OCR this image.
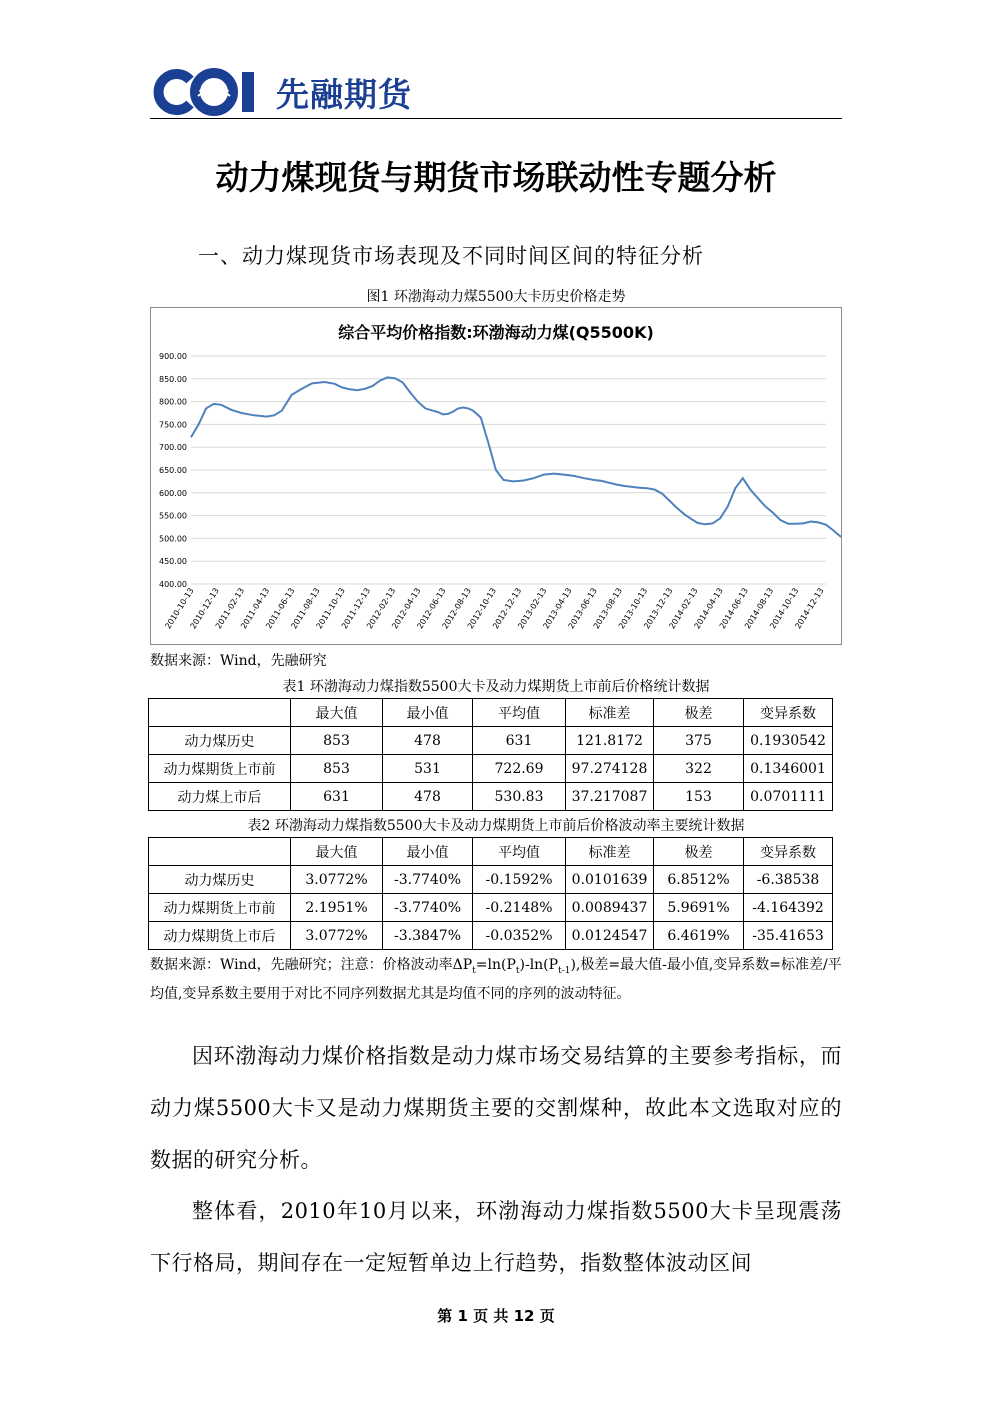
先融期货
动力煤现货与期货市场联动性专题分析
一、动力煤现货市场表现及不同时间区间的特征分析
图1 环渤海动力煤5500大卡历史价格走势
综合平均价格指数:环渤海动力煤(Q5500K)
900.00
850.00
800.00
750.00
700.00
650.00
600.00
550.00
500.00
450.00
400.00
2010-10-13
2010-12-13
2011-02-13
2011-04-13
2011-06-13
2011-08-13
2011-10-13
2011-12-13
2012-02-13
2012-04-13
2012-06-13
2012-08-13
2012-10-13
2012-12-13
2013-02-13
2013-04-13
2013-06-13
2013-08-13
2013-10-13
2013-12-13
2014-02-13
2014-04-13
2014-06-13
2014-08-13
2014-10-13
2014-12-13
数据来源：Wind，先融研究
表1 环渤海动力煤指数5500大卡及动力煤期货上市前后价格统计数据
	最大值	最小值	平均值	标准差	极差	变异系数
动力煤历史	853	478	631	121.8172	375	0.1930542
动力煤期货上市前	853	531	722.69	97.274128	322	0.1346001
动力煤上市后	631	478	530.83	37.217087	153	0.0701111
表2 环渤海动力煤指数5500大卡及动力煤期货上市前后价格波动率主要统计数据
	最大值	最小值	平均值	标准差	极差	变异系数
动力煤历史	3.0772%	-3.7740%	-0.1592%	0.0101639	6.8512%	-6.38538
动力煤期货上市前	2.1951%	-3.7740%	-0.2148%	0.0089437	5.9691%	-4.164392
动力煤期货上市后	3.0772%	-3.3847%	-0.0352%	0.0124547	6.4619%	-35.41653
数据来源：Wind，先融研究；注意：价格波动率$\Delta P_t=\ln(P_t)-\ln(P_{t-1})$,极差=最大值-最小值,变异系数=标准差/平均值,变异系数主要用于对比不同序列数据尤其是均值不同的序列的波动特征。
因环渤海动力煤价格指数是动力煤市场交易结算的主要参考指标，而动力煤5500大卡又是动力煤期货主要的交割煤种，故此本文选取对应的数据的研究分析。
整体看，2010年10月以来，环渤海动力煤指数5500大卡呈现震荡下行格局，期间存在一定短暂单边上行趋势，指数整体波动区间
第 1 页 共 12 页
